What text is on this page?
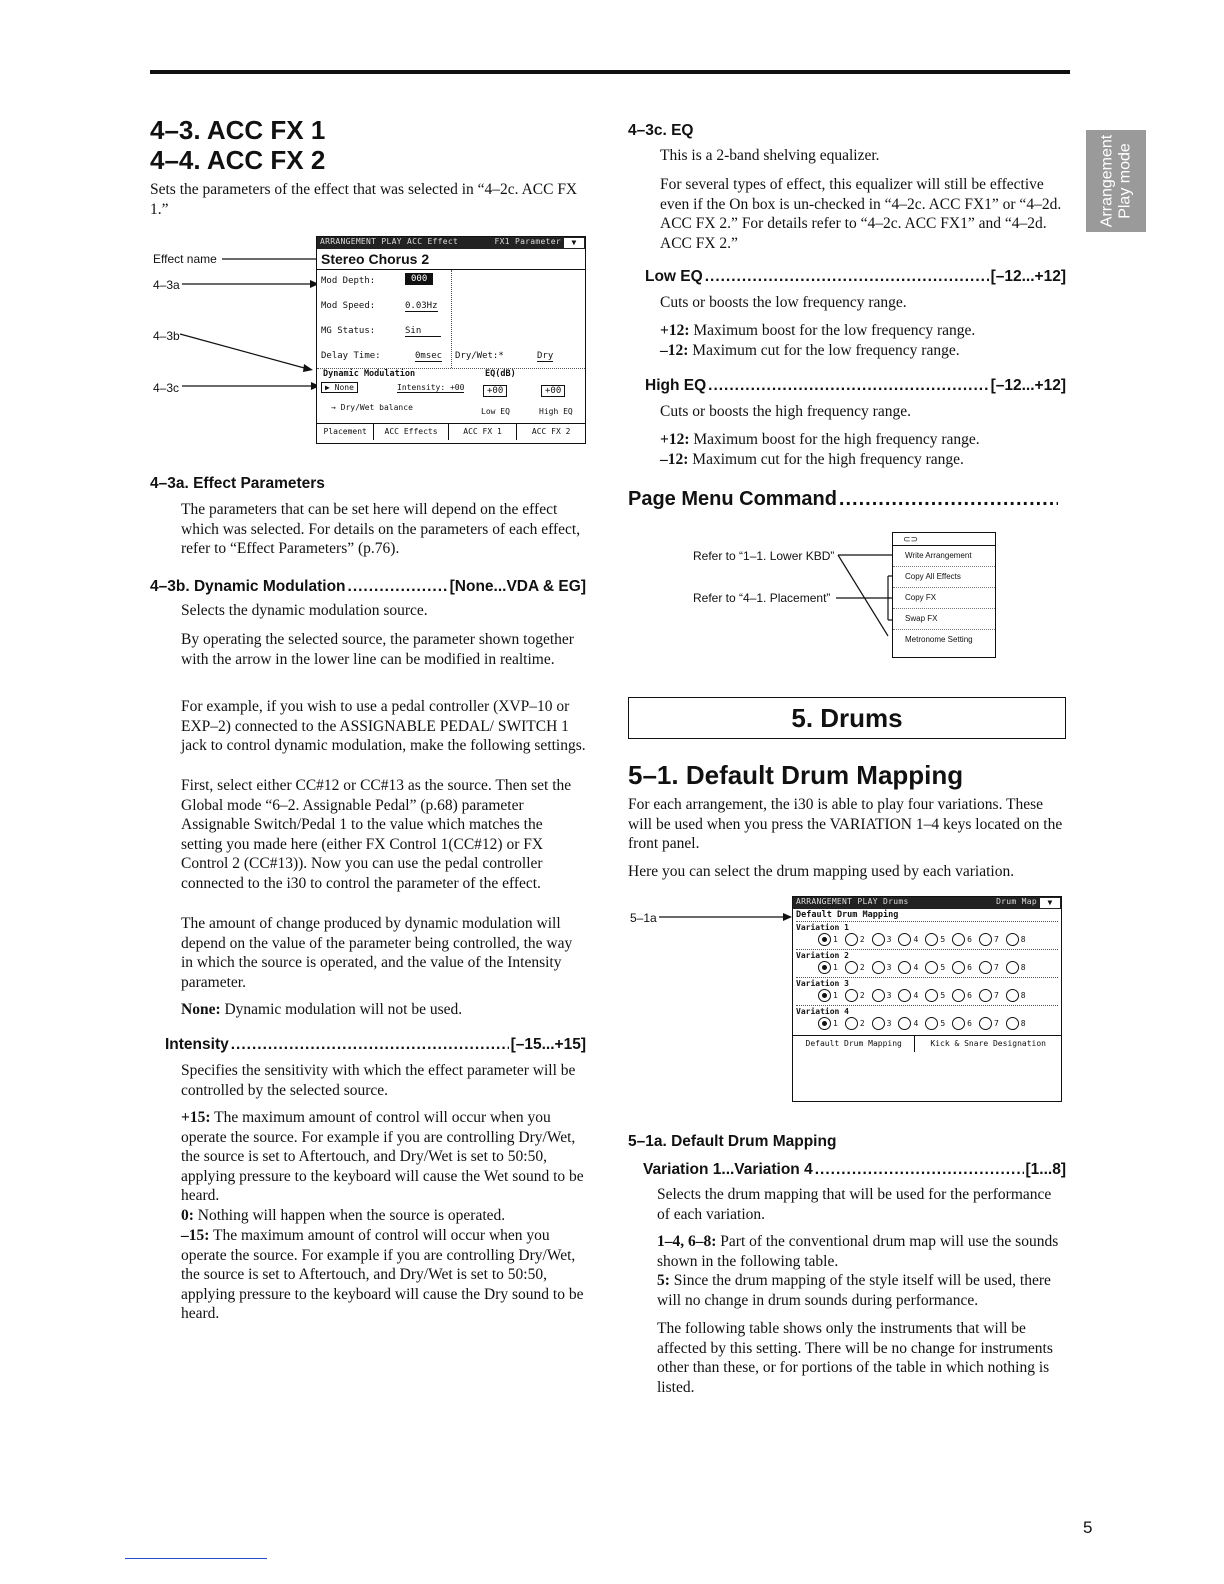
Arrangement
Play mode
4–3. ACC FX 1
4–4. ACC FX 2
Sets the parameters of the effect that was selected in “4–2c. ACC FX 1.”
Effect name
4–3a
4–3b
4–3c
ARRANGEMENT PLAY ACC Effect	FX1 Parameter	▼
Stereo Chorus 2
Mod Depth:	000
Mod Speed:	0.03Hz
MG Status:	Sin
Delay Time:	0msec Dry/Wet:*	Dry
Dynamic Modulation	EQ(dB)
▶ None	Intensity: +00	+00	+00
→ Dry/Wet balance	Low EQ	High EQ
Placement	ACC Effects	ACC FX 1	ACC FX 2
4–3a. Effect Parameters
The parameters that can be set here will depend on the effect which was selected. For details on the parameters of each effect, refer to “Effect Parameters” (p.76).
4–3b. Dynamic Modulation .....	[None...VDA & EG]
Selects the dynamic modulation source.
By operating the selected source, the parameter shown together with the arrow in the lower line can be modified in realtime.
For example, if you wish to use a pedal controller (XVP–10 or EXP–2) connected to the ASSIGNABLE PEDAL/ SWITCH 1 jack to control dynamic modulation, make the following settings.
First, select either CC#12 or CC#13 as the source. Then set the Global mode “6–2. Assignable Pedal” (p.68) parameter Assignable Switch/Pedal 1 to the value which matches the setting you made here (either FX Control 1(CC#12) or FX Control 2 (CC#13)). Now you can use the pedal controller connected to the i30 to control the parameter of the effect.
The amount of change produced by dynamic modulation will depend on the value of the parameter being controlled, the way in which the source is operated, and the value of the Intensity parameter.
None: Dynamic modulation will not be used.
Intensity .....	[–15...+15]
Specifies the sensitivity with which the effect parameter will be controlled by the selected source.
+15: The maximum amount of control will occur when you operate the source. For example if you are controlling Dry/Wet, the source is set to Aftertouch, and Dry/Wet is set to 50:50, applying pressure to the keyboard will cause the Wet sound to be heard.
0: Nothing will happen when the source is operated.
–15: The maximum amount of control will occur when you operate the source. For example if you are controlling Dry/Wet, the source is set to Aftertouch, and Dry/Wet is set to 50:50, applying pressure to the keyboard will cause the Dry sound to be heard.
4–3c. EQ
This is a 2-band shelving equalizer.
For several types of effect, this equalizer will still be effective even if the On box is un-checked in “4–2c. ACC FX1” or “4–2d. ACC FX 2.” For details refer to “4–2c. ACC FX1” and “4–2d. ACC FX 2.”
Low EQ .....	[–12...+12]
Cuts or boosts the low frequency range.
+12: Maximum boost for the low frequency range.
–12: Maximum cut for the low frequency range.
High EQ .....	[–12...+12]
Cuts or boosts the high frequency range.
+12: Maximum boost for the high frequency range.
–12: Maximum cut for the high frequency range.
Page Menu Command
.....
Refer to “1–1. Lower KBD”
Refer to “4–1. Placement”
⊂⊃
Write Arrangement
Copy All Effects
Copy FX
Swap FX
Metronome Setting
5. Drums
5–1. Default Drum Mapping
For each arrangement, the i30 is able to play four variations. These will be used when you press the VARIATION 1–4 keys located on the front panel.
Here you can select the drum mapping used by each variation.
5–1a
ARRANGEMENT PLAY Drums	Drum Map	▼
Default Drum Mapping
Variation 1
1	2	3	4	5	6	7	8
Variation 2
1	2	3	4	5	6	7	8
Variation 3
1	2	3	4	5	6	7	8
Variation 4
1	2	3	4	5	6	7	8
Default Drum Mapping	Kick & Snare Designation
5–1a. Default Drum Mapping
Variation 1...Variation 4 .....	[1...8]
Selects the drum mapping that will be used for the performance of each variation.
1–4, 6–8: Part of the conventional drum map will use the sounds shown in the following table.
5: Since the drum mapping of the style itself will be used, there will no change in drum sounds during performance.
The following table shows only the instruments that will be affected by this setting. There will be no change for instruments other than these, or for portions of the table in which nothing is listed.
5
